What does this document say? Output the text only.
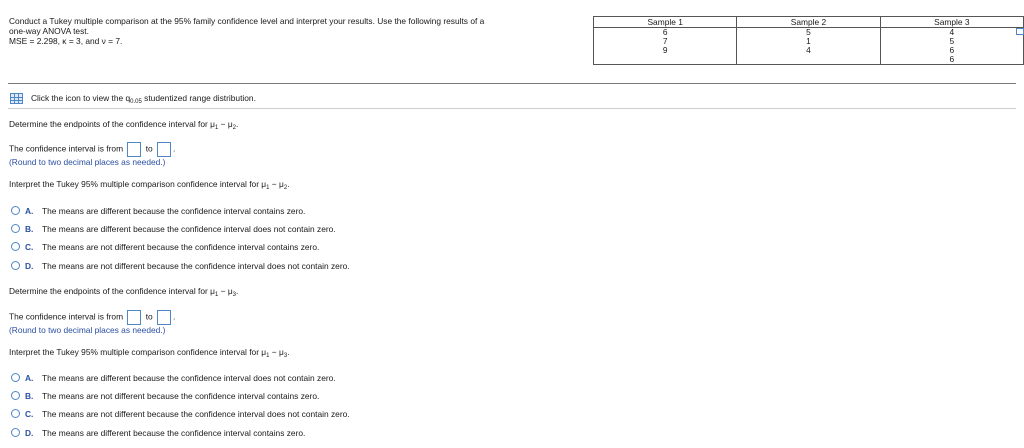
Conduct a Tukey multiple comparison at the 95% family confidence level and interpret your results. Use the following results of a
one-way ANOVA test.
MSE = 2.298, κ = 3, and ν = 7.
Sample 1	Sample 2	Sample 3
6	5	4
7	1	5
9	4	6
		6
Click the icon to view the $q_{0.05}$ studentized range distribution.
Determine the endpoints of the confidence interval for $\mu_1 - \mu_2$.
The confidence interval is from	to .
(Round to two decimal places as needed.)
Interpret the Tukey 95% multiple comparison confidence interval for $\mu_1 - \mu_2$.
A. The means are different because the confidence interval contains zero.
B. The means are different because the confidence interval does not contain zero.
C. The means are not different because the confidence interval contains zero.
D. The means are not different because the confidence interval does not contain zero.
Determine the endpoints of the confidence interval for $\mu_1 - \mu_3$.
The confidence interval is from	to .
(Round to two decimal places as needed.)
Interpret the Tukey 95% multiple comparison confidence interval for $\mu_1 - \mu_3$.
A. The means are different because the confidence interval does not contain zero.
B. The means are not different because the confidence interval contains zero.
C. The means are not different because the confidence interval does not contain zero.
D. The means are different because the confidence interval contains zero.
